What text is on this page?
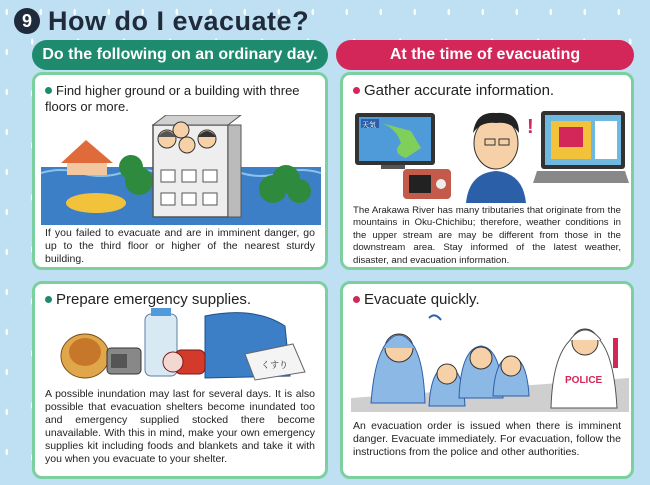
9 How do I evacuate?
Do the following on an ordinary day.	At the time of evacuating
Find higher ground or a building with three floors or more.
If you failed to evacuate and are in imminent danger, go up to the third floor or higher of the nearest sturdy building.
Gather accurate information.
天気	!
The Arakawa River has many tributaries that originate from the mountains in Oku-Chichibu; therefore, weather conditions in the upper stream are may be different from those in the downstream area. Stay informed of the latest weather, disaster, and evacuation information.
Prepare emergency supplies.
くすり
A possible inundation may last for several days. It is also possible that evacuation shelters become inundated too and emergency supplied stocked there become unavailable. With this in mind, make your own emergency supplies kit including foods and blankets and take it with you when you evacuate to your shelter.
Evacuate quickly.
POLICE
An evacuation order is issued when there is imminent danger. Evacuate immediately. For evacuation, follow the instructions from the police and other authorities.
